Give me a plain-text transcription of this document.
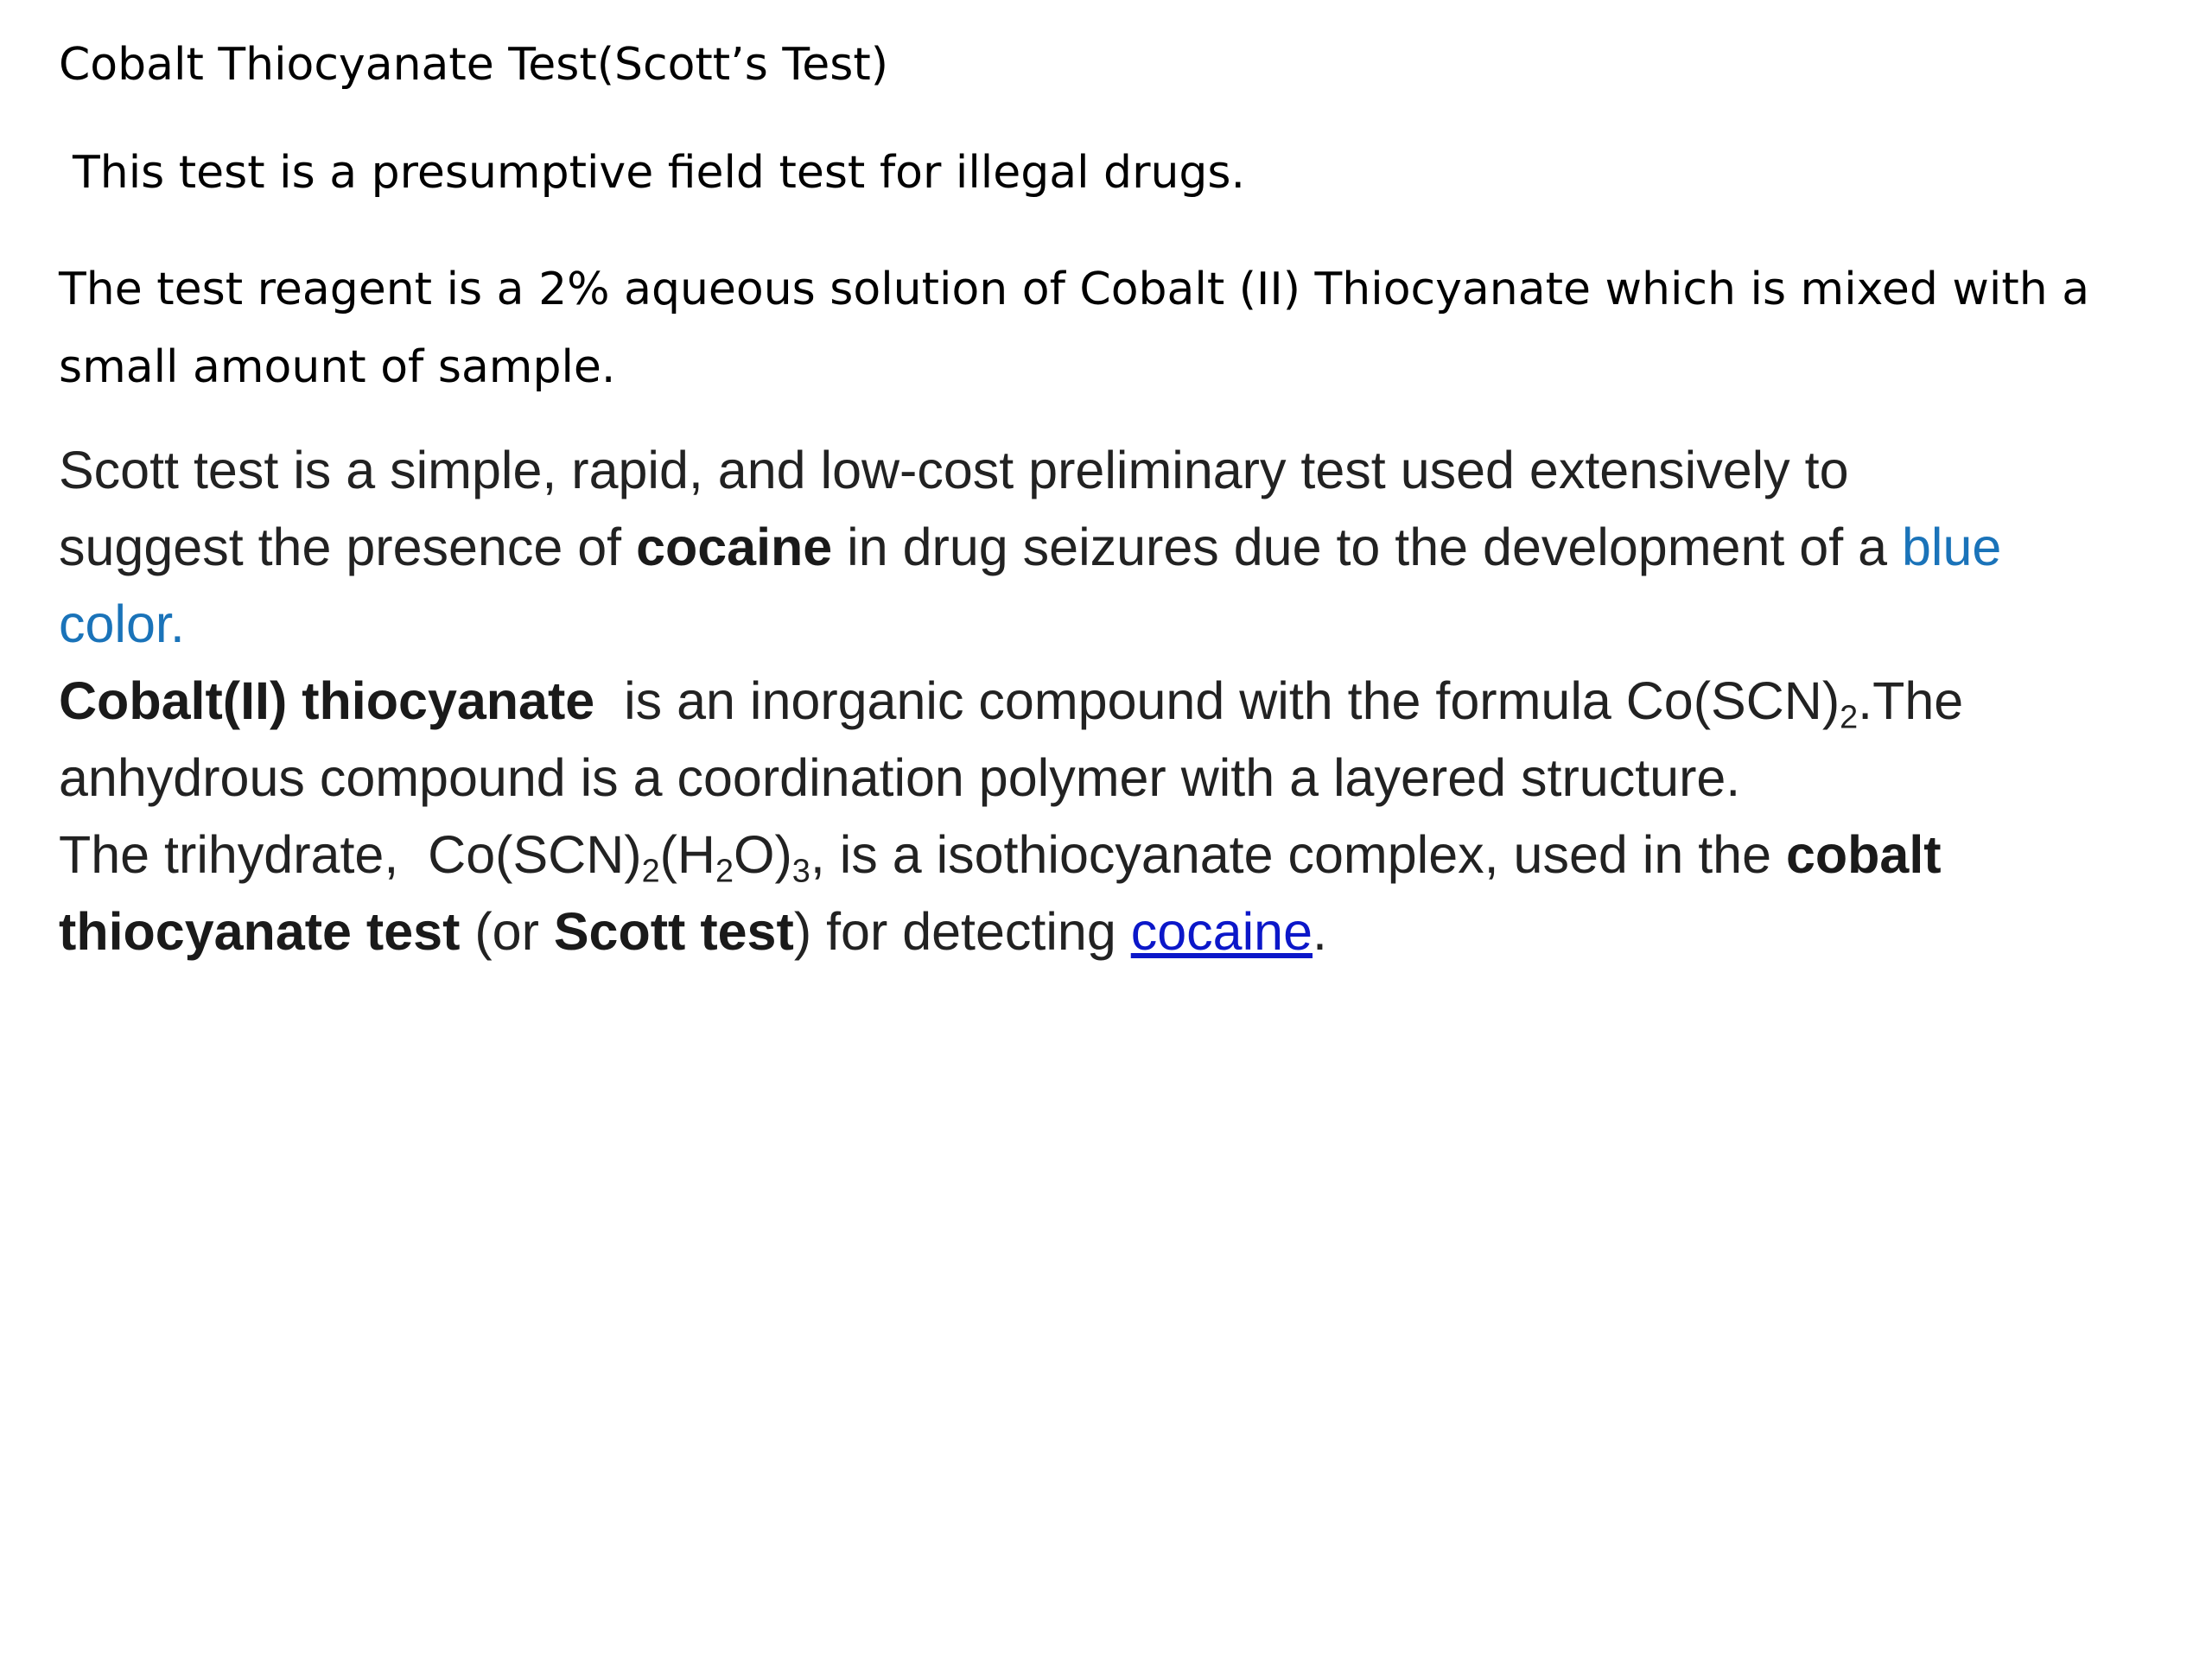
Cobalt Thiocyanate Test(Scott’s Test)

This test is a presumptive field test for illegal drugs.

The test reagent is a 2% aqueous solution of Cobalt (II) Thiocyanate which is mixed with a small amount of sample.

Scott test is a simple, rapid, and low-cost preliminary test used extensively to
suggest the presence of cocaine in drug seizures due to the development of a blue
color.
Cobalt(II) thiocyanate  is an inorganic compound with the formula $Co(SCN)_2.The$
anhydrous compound is a coordination polymer with a layered structure.
The trihydrate,  $Co(SCN)_2(H_2O)_3$, is a isothiocyanate complex, used in the cobalt
thiocyanate test (or Scott test) for detecting cocaine.
